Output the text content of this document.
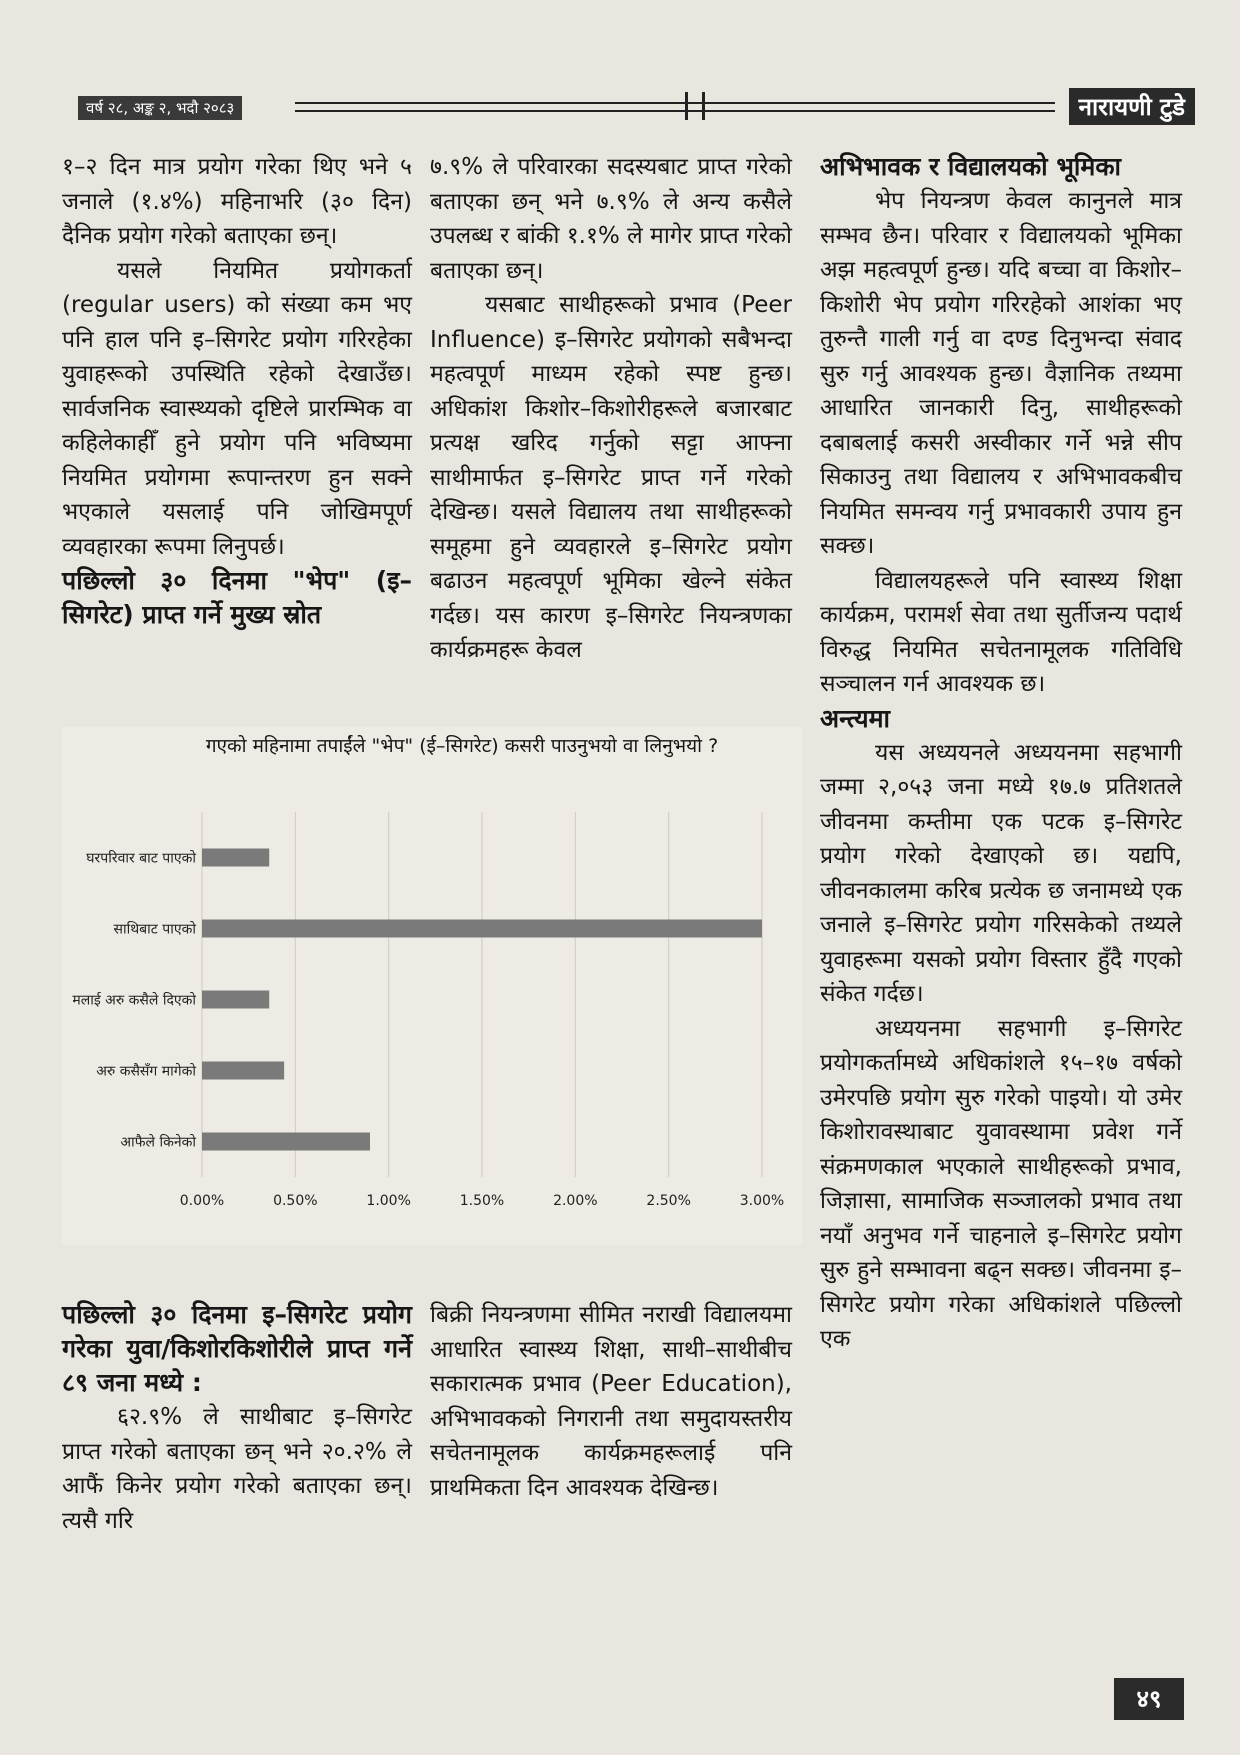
वर्ष २८, अङ्क २, भदौ २०८३	नारायणी टुडे

१–२ दिन मात्र प्रयोग गरेका थिए भने ५ जनाले (१.४%) महिनाभरि (३० दिन) दैनिक प्रयोग गरेको बताएका छन्।

यसले नियमित प्रयोगकर्ता (regular users) को संख्या कम भए पनि हाल पनि इ–सिगरेट प्रयोग गरिरहेका युवाहरूको उपस्थिति रहेको देखाउँछ। सार्वजनिक स्वास्थ्यको दृष्टिले प्रारम्भिक वा कहिलेकाहीँ हुने प्रयोग पनि भविष्यमा नियमित प्रयोगमा रूपान्तरण हुन सक्ने भएकाले यसलाई पनि जोखिमपूर्ण व्यवहारका रूपमा लिनुपर्छ।

पछिल्लो ३० दिनमा "भेप" (इ–सिगरेट) प्राप्त गर्ने मुख्य स्रोत

७.९% ले परिवारका सदस्यबाट प्राप्त गरेको बताएका छन् भने ७.९% ले अन्य कसैले उपलब्ध र बांकी १.१% ले मागेर प्राप्त गरेको बताएका छन्।

यसबाट साथीहरूको प्रभाव (Peer Influence) इ–सिगरेट प्रयोगको सबैभन्दा महत्वपूर्ण माध्यम रहेको स्पष्ट हुन्छ। अधिकांश किशोर–किशोरीहरूले बजारबाट प्रत्यक्ष खरिद गर्नुको सट्टा आफ्ना साथीमार्फत इ–सिगरेट प्राप्त गर्ने गरेको देखिन्छ। यसले विद्यालय तथा साथीहरूको समूहमा हुने व्यवहारले इ–सिगरेट प्रयोग बढाउन महत्वपूर्ण भूमिका खेल्ने संकेत गर्दछ। यस कारण इ–सिगरेट नियन्त्रणका कार्यक्रमहरू केवल

अभिभावक र विद्यालयको भूमिका

भेप नियन्त्रण केवल कानुनले मात्र सम्भव छैन। परिवार र विद्यालयको भूमिका अझ महत्वपूर्ण हुन्छ। यदि बच्चा वा किशोर–किशोरी भेप प्रयोग गरिरहेको आशंका भए तुरुन्तै गाली गर्नु वा दण्ड दिनुभन्दा संवाद सुरु गर्नु आवश्यक हुन्छ। वैज्ञानिक तथ्यमा आधारित जानकारी दिनु, साथीहरूको दबाबलाई कसरी अस्वीकार गर्ने भन्ने सीप सिकाउनु तथा विद्यालय र अभिभावकबीच नियमित समन्वय गर्नु प्रभावकारी उपाय हुन सक्छ।

विद्यालयहरूले पनि स्वास्थ्य शिक्षा कार्यक्रम, परामर्श सेवा तथा सुर्तीजन्य पदार्थ विरुद्ध नियमित सचेतनामूलक गतिविधि सञ्चालन गर्न आवश्यक छ।

अन्त्यमा

यस अध्ययनले अध्ययनमा सहभागी जम्मा २,०५३ जना मध्ये १७.७ प्रतिशतले जीवनमा कम्तीमा एक पटक इ–सिगरेट प्रयोग गरेको देखाएको छ। यद्यपि, जीवनकालमा करिब प्रत्येक छ जनामध्ये एक जनाले इ–सिगरेट प्रयोग गरिसकेको तथ्यले युवाहरूमा यसको प्रयोग विस्तार हुँदै गएको संकेत गर्दछ।

अध्ययनमा सहभागी इ–सिगरेट प्रयोगकर्तामध्ये अधिकांशले १५–१७ वर्षको उमेरपछि प्रयोग सुरु गरेको पाइयो। यो उमेर किशोरावस्थाबाट युवावस्थामा प्रवेश गर्ने संक्रमणकाल भएकाले साथीहरूको प्रभाव, जिज्ञासा, सामाजिक सञ्जालको प्रभाव तथा नयाँ अनुभव गर्ने चाहनाले इ–सिगरेट प्रयोग सुरु हुने सम्भावना बढ्न सक्छ। जीवनमा इ–सिगरेट प्रयोग गरेका अधिकांशले पछिल्लो एक

गएको महिनामा तपाईंले "भेप" (ई–सिगरेट) कसरी पाउनुभयो वा लिनुभयो ?
0.00%	0.50%	1.00%	1.50%	2.00%	2.50%	3.00%
घरपरिवार बाट पाएको
साथिबाट पाएको
मलाई अरु कसैले दिएको
अरु कसैसँग मागेको
आफैले किनेको
पछिल्लो ३० दिनमा इ–सिगरेट प्रयोग गरेका युवा/किशोरकिशोरीले प्राप्त गर्ने ८९ जना मध्ये :

६२.९% ले साथीबाट इ–सिगरेट प्राप्त गरेको बताएका छन् भने २०.२% ले आफैं किनेर प्रयोग गरेको बताएका छन्। त्यसै गरि

बिक्री नियन्त्रणमा सीमित नराखी विद्यालयमा आधारित स्वास्थ्य शिक्षा, साथी–साथीबीच सकारात्मक प्रभाव (Peer Education), अभिभावकको निगरानी तथा समुदायस्तरीय सचेतनामूलक कार्यक्रमहरूलाई पनि प्राथमिकता दिन आवश्यक देखिन्छ।

४९
